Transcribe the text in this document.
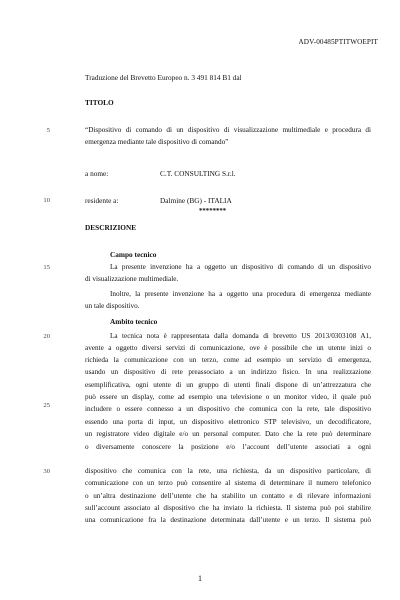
ADV-00485PTITWOEPIT
Traduzione del Brevetto Europeo n. 3 491 814 B1 dal
TITOLO
5	“Dispositivo di comando di un dispositivo di visualizzazione multimediale e procedura di
emergenza mediante tale dispositivo di comando”
a nome:	C.T. CONSULTING S.r.l.
10	residente a:	Dalmine (BG) - ITALIA
********
DESCRIZIONE
Campo tecnico
15	La presente invenzione ha a oggetto un dispositivo di comando di un dispositivo
di visualizzazione multimediale.
Inoltre, la presente invenzione ha a oggetto una procedura di emergenza mediante
un tale dispositivo.
Ambito tecnico
20	La tecnica nota è rappresentata dalla domanda di brevetto US 2013/0303108 A1,
avente a oggetto diversi servizi di comunicazione, ove è possibile che un utente inizi o
richieda la comunicazione con un terzo, come ad esempio un servizio di emergenza,
usando un dispositivo di rete preassociato a un indirizzo fisico. In una realizzazione
esemplificativa, ogni utente di un gruppo di utenti finali dispone di un’attrezzatura che
25
può essere un display, come ad esempio una televisione o un monitor video, il quale può
includere o essere connesso a un dispositivo che comunica con la rete, tale dispositivo
essendo una porta di input, un dispositivo elettronico STP televisivo, un decodificatore,
un registratore video digitale e/o un personal computer. Dato che la rete può determinare
o diversamente conoscere la posizione e/o l’account dell’utente associati a ogni
30	dispositivo che comunica con la rete, una richiesta, da un dispositivo particolare, di
comunicazione con un terzo può consentire al sistema di determinare il numero telefonico
o un’altra destinazione dell’utente che ha stabilito un contatto e di rilevare informazioni
sull’account associato al dispositivo che ha inviato la richiesta. Il sistema può poi stabilire
una comunicazione fra la destinazione determinata dall’utente e un terzo. Il sistema può
1
